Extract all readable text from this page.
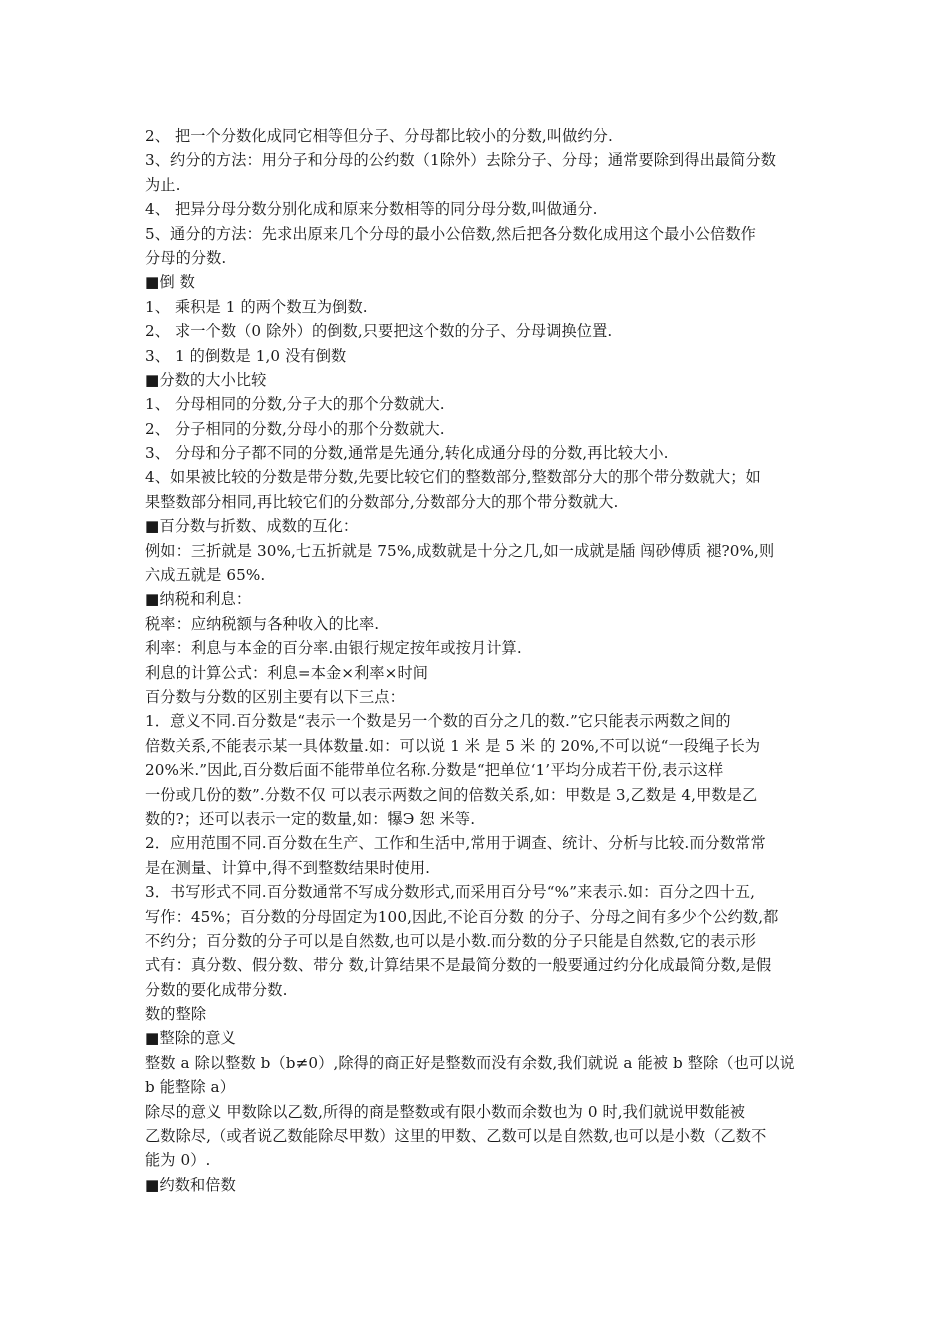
2、 把一个分数化成同它相等但分子、分母都比较小的分数,叫做约分.
3、约分的方法：用分子和分母的公约数（1除外）去除分子、分母；通常要除到得出最简分数
为止.
4、 把异分母分数分别化成和原来分数相等的同分母分数,叫做通分.
5、通分的方法：先求出原来几个分母的最小公倍数,然后把各分数化成用这个最小公倍数作
分母的分数.
■倒 数
1、 乘积是 1 的两个数互为倒数.
2、 求一个数（0 除外）的倒数,只要把这个数的分子、分母调换位置.
3、 1 的倒数是 1,0 没有倒数
■分数的大小比较
1、 分母相同的分数,分子大的那个分数就大.
2、 分子相同的分数,分母小的那个分数就大.
3、 分母和分子都不同的分数,通常是先通分,转化成通分母的分数,再比较大小.
4、如果被比较的分数是带分数,先要比较它们的整数部分,整数部分大的那个带分数就大；如
果整数部分相同,再比较它们的分数部分,分数部分大的那个带分数就大.
■百分数与折数、成数的互化：
例如：三折就是 30%,七五折就是 75%,成数就是十分之几,如一成就是牐 闯砂傅质 褪?0%,则
六成五就是 65%.
■纳税和利息：
税率：应纳税额与各种收入的比率.
利率：利息与本金的百分率.由银行规定按年或按月计算.
利息的计算公式：利息=本金×利率×时间
百分数与分数的区别主要有以下三点：
1．意义不同.百分数是“表示一个数是另一个数的百分之几的数.”它只能表示两数之间的
倍数关系,不能表示某一具体数量.如：可以说 1 米 是 5 米 的 20%,不可以说“一段绳子长为
20%米.”因此,百分数后面不能带单位名称.分数是“把单位‘1’平均分成若干份,表示这样
一份或几份的数”.分数不仅 可以表示两数之间的倍数关系,如：甲数是 3,乙数是 4,甲数是乙
数的?；还可以表示一定的数量,如：犦Э 恕 米等.
2．应用范围不同.百分数在生产、工作和生活中,常用于调查、统计、分析与比较.而分数常常
是在测量、计算中,得不到整数结果时使用.
3．书写形式不同.百分数通常不写成分数形式,而采用百分号“%”来表示.如：百分之四十五,
写作：45%；百分数的分母固定为100,因此,不论百分数 的分子、分母之间有多少个公约数,都
不约分；百分数的分子可以是自然数,也可以是小数.而分数的分子只能是自然数,它的表示形
式有：真分数、假分数、带分 数,计算结果不是最简分数的一般要通过约分化成最简分数,是假
分数的要化成带分数.
数的整除
■整除的意义
整数 a 除以整数 b（b≠0）,除得的商正好是整数而没有余数,我们就说 a 能被 b 整除（也可以说
b 能整除 a）
除尽的意义 甲数除以乙数,所得的商是整数或有限小数而余数也为 0 时,我们就说甲数能被
乙数除尽,（或者说乙数能除尽甲数）这里的甲数、乙数可以是自然数,也可以是小数（乙数不
能为 0）.
■约数和倍数
